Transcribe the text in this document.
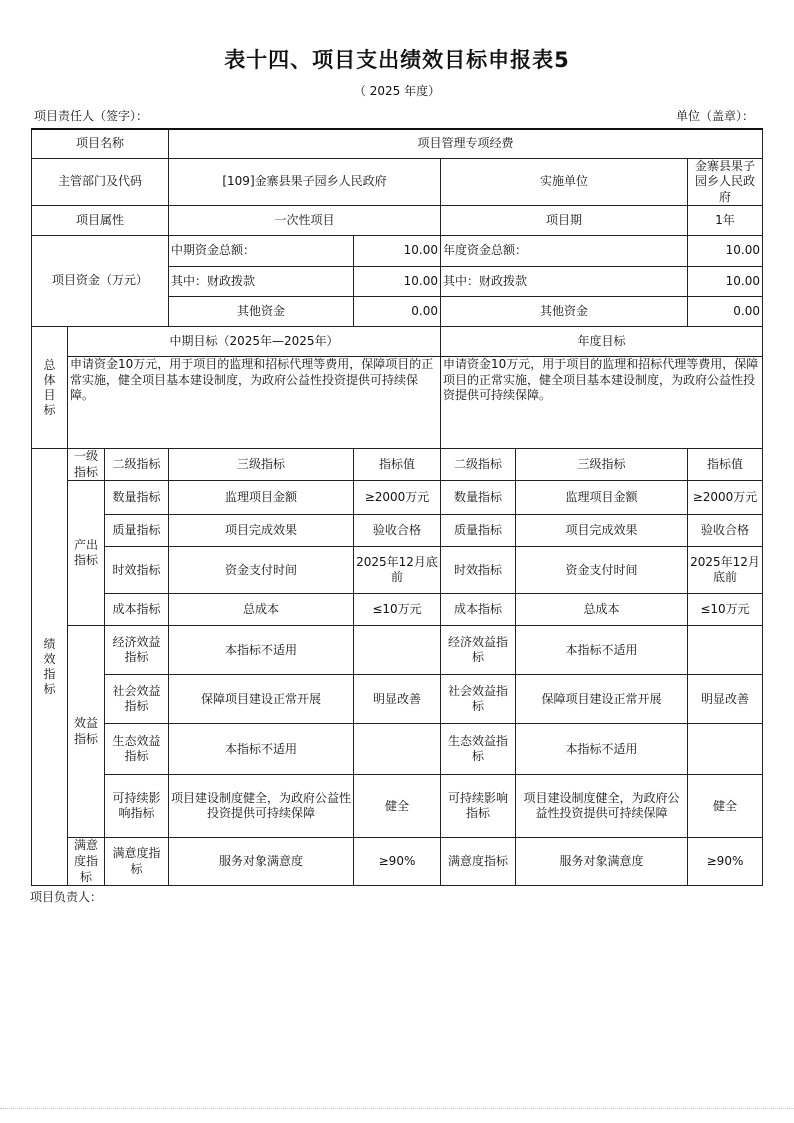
表十四、项目支出绩效目标申报表5
（ 2025 年度）
项目责任人（签字）：	单位（盖章）：
项目名称			项目管理专项经费				
主管部门及代码			[109]金寨县果子园乡人民政府		实施单位		金寨县果子园乡人民政府
项目属性			一次性项目		项目期		1年
项目资金（万元）			中期资金总额：	10.00	年度资金总额：		10.00
			其中：财政拨款	10.00	其中：财政拨款		10.00
			其他资金	0.00	其他资金		0.00

总体目标	中期目标（2025年—2025年）				年度目标		
	申请资金10万元，用于项目的监理和招标代理等费用，保障项目的正常实施，健全项目基本建设制度，为政府公益性投资提供可持续保障。				申请资金10万元，用于项目的监理和招标代理等费用，保障项目的正常实施，健全项目基本建设制度，为政府公益性投资提供可持续保障。		

绩效指标	一级指标	二级指标	三级指标	指标值	二级指标	三级指标	指标值
	产出指标	数量指标	监理项目金额	≥2000万元	数量指标	监理项目金额	≥2000万元
		质量指标	项目完成效果	验收合格	质量指标	项目完成效果	验收合格
		时效指标	资金支付时间	2025年12月底前	时效指标	资金支付时间	2025年12月底前
		成本指标	总成本	≤10万元	成本指标	总成本	≤10万元
	效益指标	经济效益指标	本指标不适用		经济效益指标	本指标不适用	
		社会效益指标	保障项目建设正常开展	明显改善	社会效益指标	保障项目建设正常开展	明显改善
		生态效益指标	本指标不适用		生态效益指标	本指标不适用	
		可持续影响指标	项目建设制度健全，为政府公益性投资提供可持续保障	健全	可持续影响指标	项目建设制度健全，为政府公益性投资提供可持续保障	健全
	满意度指标	满意度指标	服务对象满意度	≥90%	满意度指标	服务对象满意度	≥90%
项目负责人：
